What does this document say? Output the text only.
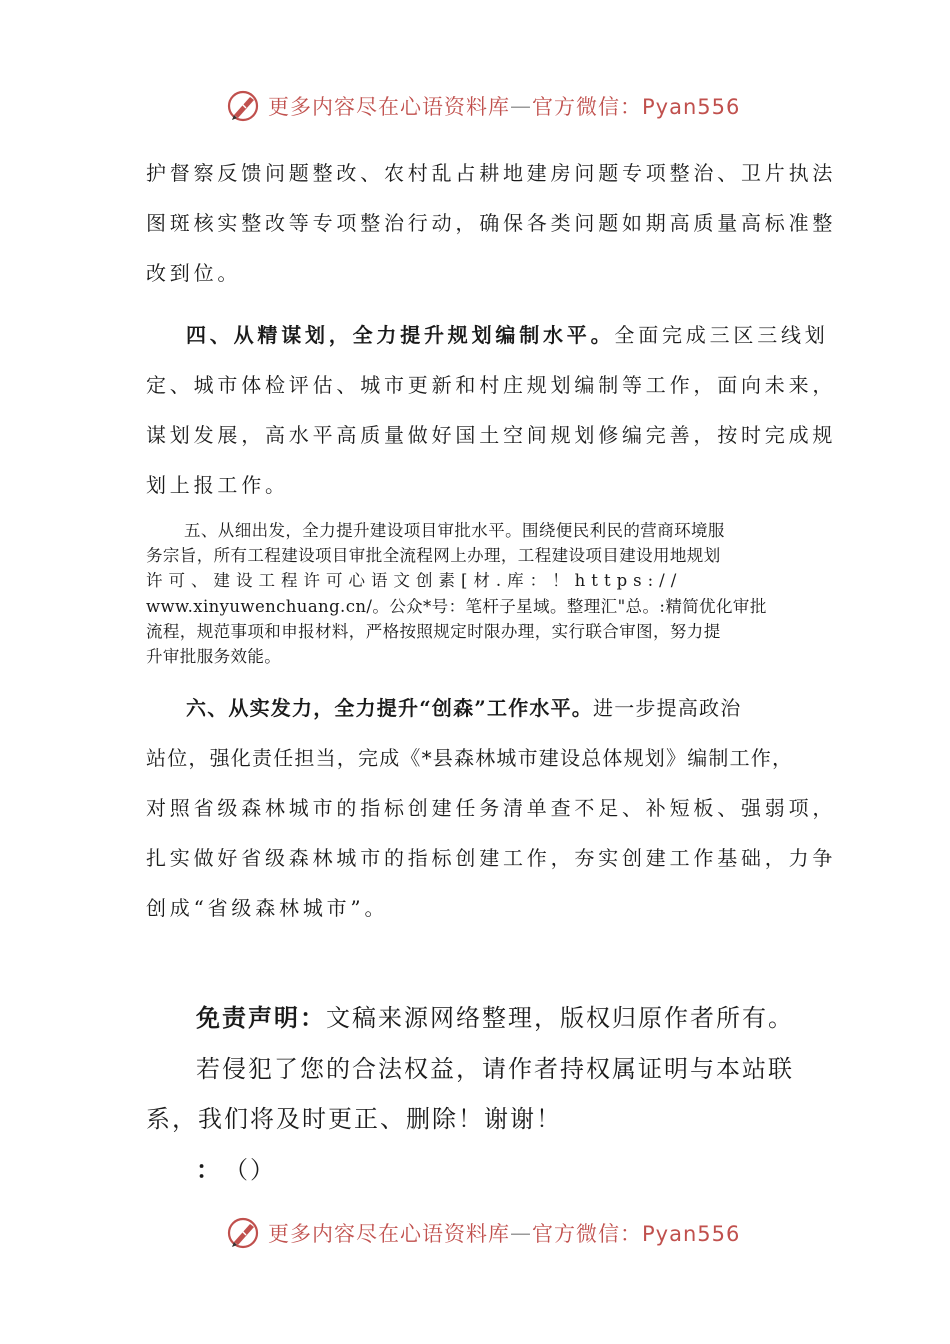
更多内容尽在心语资料库 — 官方微信：Pyan556
护督察反馈问题整改、农村乱占耕地建房问题专项整治、卫片执法
图斑核实整改等专项整治行动，确保各类问题如期高质量高标准整
改到位。
四、从精谋划，全力提升规划编制水平。全面完成三区三线划
定、城市体检评估、城市更新和村庄规划编制等工作，面向未来，
谋划发展，高水平高质量做好国土空间规划修编完善，按时完成规
划上报工作。
五、从细出发，全力提升建设项目审批水平。围绕便民利民的营商环境服
务宗旨，所有工程建设项目审批全流程网上办理，工程建设项目建设用地规划
许可、建设工程许可心语文创素[材.库：！https://
www.xinyuwenchuang.cn/。公众*号：笔杆子星域。整理汇"总。:精简优化审批
流程，规范事项和申报材料，严格按照规定时限办理，实行联合审图，努力提
升审批服务效能。
六、从实发力，全力提升“创森”工作水平。进一步提高政治
站位，强化责任担当，完成《*县森林城市建设总体规划》编制工作，
对照省级森林城市的指标创建任务清单查不足、补短板、强弱项，
扎实做好省级森林城市的指标创建工作，夯实创建工作基础，力争
创成“省级森林城市”。
免责声明：文稿来源网络整理，版权归原作者所有。
若侵犯了您的合法权益，请作者持权属证明与本站联
系，我们将及时更正、删除！谢谢！
： （）
更多内容尽在心语资料库 — 官方微信：Pyan556
